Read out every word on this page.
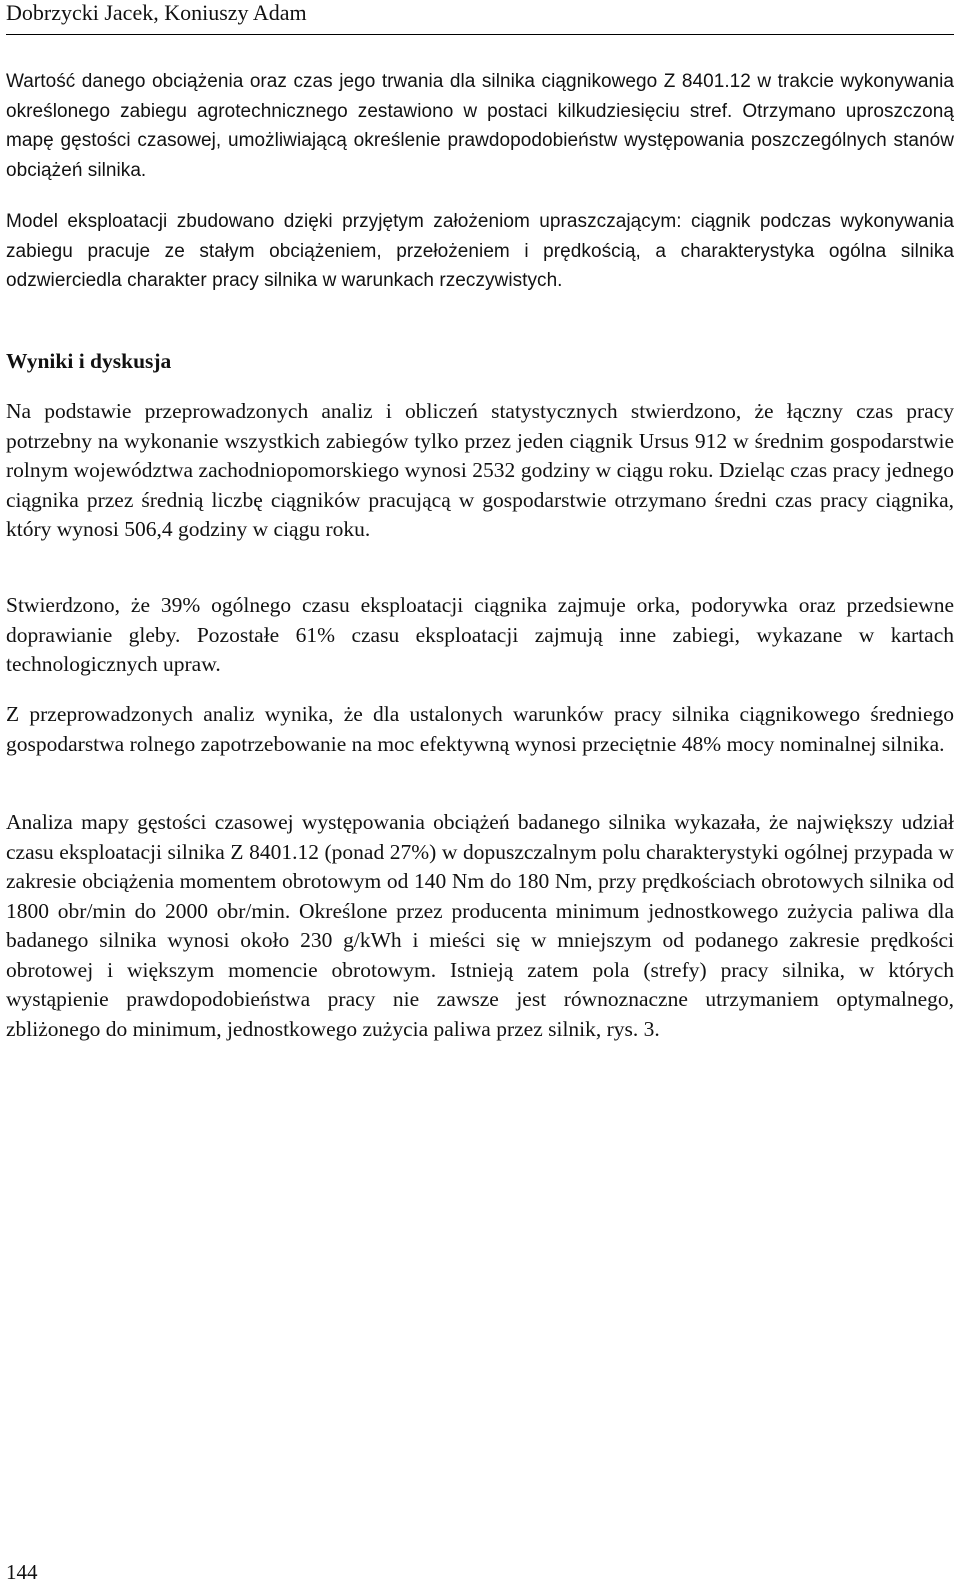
Dobrzycki Jacek, Koniuszy Adam

Wartość danego obciążenia oraz czas jego trwania dla silnika ciągnikowego Z 8401.12 w trakcie wykonywania określonego zabiegu agrotechnicznego zestawiono w postaci kilkudziesięciu stref. Otrzymano uproszczoną mapę gęstości czasowej, umożliwiającą określenie prawdopodobieństw występowania poszczególnych stanów obciążeń silnika.

Model eksploatacji zbudowano dzięki przyjętym założeniom upraszczającym: ciągnik podczas wykonywania zabiegu pracuje ze stałym obciążeniem, przełożeniem i prędkością, a charakterystyka ogólna silnika odzwierciedla charakter pracy silnika w warunkach rzeczywistych.

Wyniki i dyskusja

Na podstawie przeprowadzonych analiz i obliczeń statystycznych stwierdzono, że łączny czas pracy potrzebny na wykonanie wszystkich zabiegów tylko przez jeden ciągnik Ursus 912 w średnim gospodarstwie rolnym województwa zachodniopomorskiego wynosi 2532 godziny w ciągu roku. Dzieląc czas pracy jednego ciągnika przez średnią liczbę ciągników pracującą w gospodarstwie otrzymano średni czas pracy ciągnika, który wynosi 506,4 godziny w ciągu roku.

Stwierdzono, że 39% ogólnego czasu eksploatacji ciągnika zajmuje orka, podorywka oraz przedsiewne doprawianie gleby. Pozostałe 61% czasu eksploatacji zajmują inne zabiegi, wykazane w kartach technologicznych upraw.

Z przeprowadzonych analiz wynika, że dla ustalonych warunków pracy silnika ciągnikowego średniego gospodarstwa rolnego zapotrzebowanie na moc efektywną wynosi przeciętnie 48% mocy nominalnej silnika.

Analiza mapy gęstości czasowej występowania obciążeń badanego silnika wykazała, że największy udział czasu eksploatacji silnika Z 8401.12 (ponad 27%) w dopuszczalnym polu charakterystyki ogólnej przypada w zakresie obciążenia momentem obrotowym od 140 Nm do 180 Nm, przy prędkościach obrotowych silnika od 1800 obr/min do 2000 obr/min. Określone przez producenta minimum jednostkowego zużycia paliwa dla badanego silnika wynosi około 230 g/kWh i mieści się w mniejszym od podanego zakresie prędkości obrotowej i większym momencie obrotowym. Istnieją zatem pola (strefy) pracy silnika, w których wystąpienie prawdopodobieństwa pracy nie zawsze jest równoznaczne utrzymaniem optymalnego, zbliżonego do minimum, jednostkowego zużycia paliwa przez silnik, rys. 3.

144
